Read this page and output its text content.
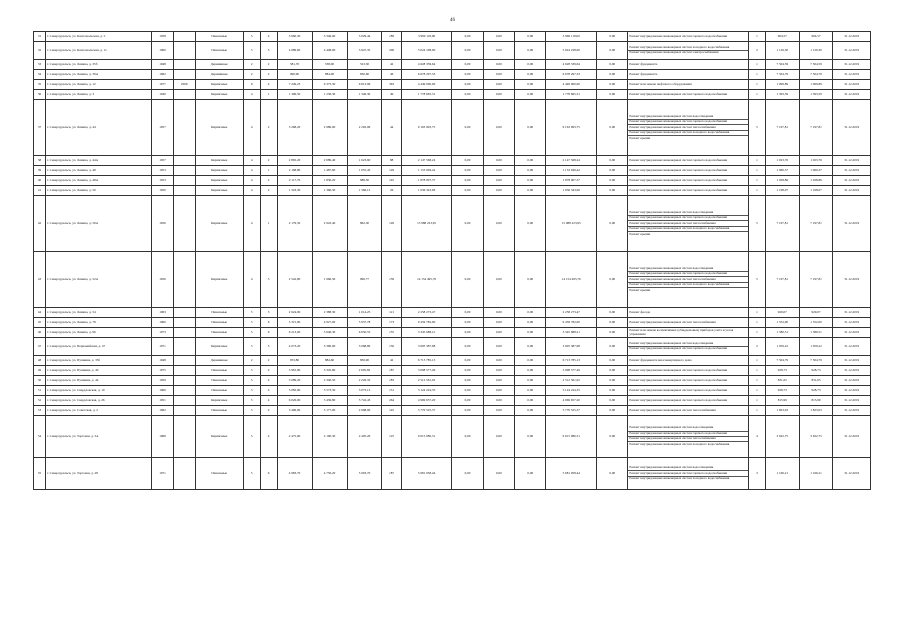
46
31	г. Североуральск, ул. Комсомольская, д. 5	1958		Панельные	5	4	3 660,30	3 346,00	3 029,44	189	3 969 118,00	0,00	0,00	0,00	3 969 118,00	0,00	Ремонт внутридомовых инженерных систем горячего водоснабжения	1	904,57	904,57	31.12.2019
32	г. Североуральск, ул. Комсомольская, д. 11	1960		Панельные	5	3	4 689,60	4 448,00	3 947,35	206	5 024 198,00	0,00	0,00	0,00	5 024 198,00	0,00	Ремонт внутридомовых инженерных систем холодного водоснабжения
Ремонт внутридомовых инженерных систем электроснабжения	2	1 129,30	1 129,30	31.12.2019
33	г. Североуральск, ул. Ленина, д. 35б	1948		Деревянные	2	2	581,70	538,00	523,30	42	4 628 339,64	0,00	0,00	0,00	4 628 339,64	0,00	Ремонт фундамента	1	7 504,59	7 504,59	31.12.2019
34	г. Североуральск, ул. Ленина, д. 39А	1962		Деревянные	2	2	996,90	884,00	830,60	46	6 678 297,33	0,00	0,00	0,00	6 678 297,33	0,00	Ремонт фундамента	1	7 504,79	7 504,79	31.12.2019
35	г. Североуральск, ул. Ленина, д. 12	1977	2009	Кирпичные	9	4	7 249,23	6 373,30	6 813,96	363	4 449 000,00	0,00	0,00	0,00	4 449 000,00	0,00	Ремонт или замена лифтового оборудования	1	1 099,89	1 099,89	31.12.2019
36	г. Североуральск, ул. Ленина, д. 3	1940		Кирпичные	4	1	1 306,50	1 236,30	1 346,30	49	1 778 665,31	0,00	0,00	0,00	1 778 665,31	0,00	Ремонт внутридомовых инженерных систем горячего водоснабжения	1	1 393,59	1 393,59	31.12.2019
37	г. Североуральск, ул. Ленина, д. 44	1957		Кирпичные	4	2	3 268,20	2 986,00	2 292,96	44	9 163 993,75	0,00	0,00	0,00	9 163 993,75	0,00	Ремонт внутридомовых инженерных систем водоотведения
Ремонт внутридомовых инженерных систем горячего водоснабжения
Ремонт внутридомовых инженерных систем теплоснабжения
Ремонт внутридомовых инженерных систем холодного водоснабжения
Ремонт крыши	5	7 197,81	7 197,81	31.12.2019
38	г. Североуральск, ул. Ленина, д. 44А	1957		Кирпичные	4	2	2 865,20	2 689,40	1 623,60	88	2 147 568,24	0,00	0,00	0,00	2 147 568,24	0,00	Ремонт внутридомовых инженерных систем горячего водоснабжения	1	1 023,76	1 023,76	31.12.2019
39	г. Североуральск, ул. Ленина, д. 48	1953		Кирпичные	4	1	2 168,80	1 487,90	1 055,43	129	1 153 049,42	0,00	0,00	0,00	1 153 049,42	0,00	Ремонт внутридомовых инженерных систем горячего водоснабжения	1	1 060,37	1 060,37	31.12.2019
40	г. Североуральск, ул. Ленина, д. 48А	1953		Кирпичные	4	2	2 117,70	1 830,20	988,30	145	1 878 907,37	0,00	0,00	0,00	1 878 907,37	0,00	Ремонт внутридомовых инженерных систем горячего водоснабжения	1	1 028,86	1 028,86	31.12.2019
41	г. Североуральск, ул. Ленина, д. 50	1950		Кирпичные	4	2	1 318,30	1 366,30	1 366,15	26	1 636 343,06	0,00	0,00	0,00	1 636 343,06	0,00	Ремонт внутридомовых инженерных систем горячего водоснабжения	1	1 198,07	1 198,07	31.12.2019
42	г. Североуральск, ул. Ленина, д. 50А	1956		Кирпичные	4	1	2 179,50	2 943,40	862,30	126	15 988 223,95	0,00	0,00	0,00	15 988 223,95	0,00	Ремонт внутридомовых инженерных систем водоотведения
Ремонт внутридомовых инженерных систем горячего водоснабжения
Ремонт внутридомовых инженерных систем теплоснабжения
Ремонт внутридомовых инженерных систем холодного водоснабжения
Ремонт крыши	5	7 197,81	7 197,81	31.12.2019
43	г. Североуральск, ул. Ленина, д. 52А	1956		Кирпичные	4	3	2 542,80	1 966,30	996,77	139	14 154 495,76	0,00	0,00	0,00	14 154 495,76	0,00	Ремонт внутридомовых инженерных систем водоотведения
Ремонт внутридомовых инженерных систем горячего водоснабжения
Ремонт внутридомовых инженерных систем теплоснабжения
Ремонт внутридомовых инженерных систем холодного водоснабжения
Ремонт крыши	5	7 197,81	7 197,81	31.12.2019
44	г. Североуральск, ул. Ленина, д. 54	1963		Панельные	5	3	2 624,90	2 388,30	1 014,25	121	2 258 273,47	0,00	0,00	0,00	2 258 273,47	0,00	Ремонт фасада	1	929,07	929,07	31.12.2019
45	г. Североуральск, ул. Ленина, д. 78	1960		Панельные	5	6	5 315,90	4 927,00	5 937,78	173	9 459 782,00	0,00	0,00	0,00	9 459 782,00	0,00	Ремонт внутридомовых инженерных систем теплоснабжения	1	1 552,00	1 552,00	31.12.2019
46	г. Североуральск, ул. Ленина, д. 96	1973		Панельные	5	6	6 213,00	5 646,30	6 050,53	155	3 345 688,21	0,00	0,00	0,00	3 345 688,21	0,00	Ремонт или замена коллективных (общедомовых) приборов учета и узлов управления	1	1 580,51	1 580,51	31.12.2019
47	г. Североуральск, ул. Первомайская, д. 47	1971		Кирпичные	5	3	4 073,20	3 390,00	3 068,89	150	3 695 387,98	0,00	0,00	0,00	3 695 387,98	0,00	Ремонт внутридомовых инженерных систем водоотведения
Ремонт внутридомовых инженерных систем горячего водоснабжения	2	1 059,22	1 059,22	31.12.2019
48	г. Североуральск, ул. Пушкина, д. 35б	1948		Деревянные	2	2	953,80	884,60	836,90	42	6 713 785,13	0,00	0,00	0,00	6 713 785,13	0,00	Ремонт фундамента многоквартирного дома	1	7 504,79	7 504,79	31.12.2019
49	г. Североуральск, ул. Пушкина, д. 40	1975		Панельные	5	4	3 981,90	3 345,80	2 605,82	187	3 098 577,49	0,00	0,00	0,00	3 098 577,49	0,00	Ремонт внутридомовых инженерных систем горячего водоснабжения	1	928,73	928,73	31.12.2019
50	г. Североуральск, ул. Пушкина, д. 44	1959		Панельные	5	4	3 089,20	2 340,50	2 226,33	183	2 512 561,02	0,00	0,00	0,00	2 512 561,02	0,00	Ремонт внутридомовых инженерных систем горячего водоснабжения	1	831,65	831,65	31.12.2019
51	г. Североуральск, ул. Свердловская, д. 10	1960		Панельные	5	4	3 082,90	3 573,30	3 073,13	151	3 124 224,35	0,00	0,00	0,00	3 124 224,35	0,00	Ремонт внутридомовых инженерных систем горячего водоснабжения	1	928,73	928,73	31.12.2019
52	г. Североуральск, ул. Свердловская, д. 26	1951		Кирпичные	5	4	6 026,00	5 436,80	5 742,43	264	4 969 657,20	0,00	0,00	0,00	4 969 657,20	0,00	Ремонт внутридомовых инженерных систем горячего водоснабжения	1	815,99	815,99	31.12.2019
53	г. Североуральск, ул. Советская, д. 2	1962		Панельные	5	4	3 496,00	3 177,00	2 998,00	145	5 770 525,37	0,00	0,00	0,00	5 770 525,37	0,00	Ремонт внутридомовых инженерных систем теплоснабжения	1	1 823,03	1 823,03	31.12.2019
54	г. Североуральск, ул. Торговая, д. 5А	1968		Кирпичные	5	4	2 475,90	2 190,30	2 405,29	125	9 615 080,31	0,00	0,00	0,00	9 615 080,31	0,00	Ремонт внутридомовых инженерных систем водоотведения
Ремонт внутридомовых инженерных систем горячего водоснабжения
Ремонт внутридомовых инженерных систем теплоснабжения
Ремонт внутридомовых инженерных систем холодного водоснабжения	4	3 622,75	3 622,75	31.12.2019
55	г. Североуральск, ул. Торговая, д. 28	1971		Панельные	5	6	4 983,70	4 750,20	5 093,70	187	5 681 958,44	0,00	0,00	0,00	5 681 958,44	0,00	Ремонт внутридомовых инженерных систем водоотведения
Ремонт внутридомовых инженерных систем горячего водоснабжения
Ремонт внутридомовых инженерных систем холодного водоснабжения	3	1 166,21	1 166,21	31.12.2019
